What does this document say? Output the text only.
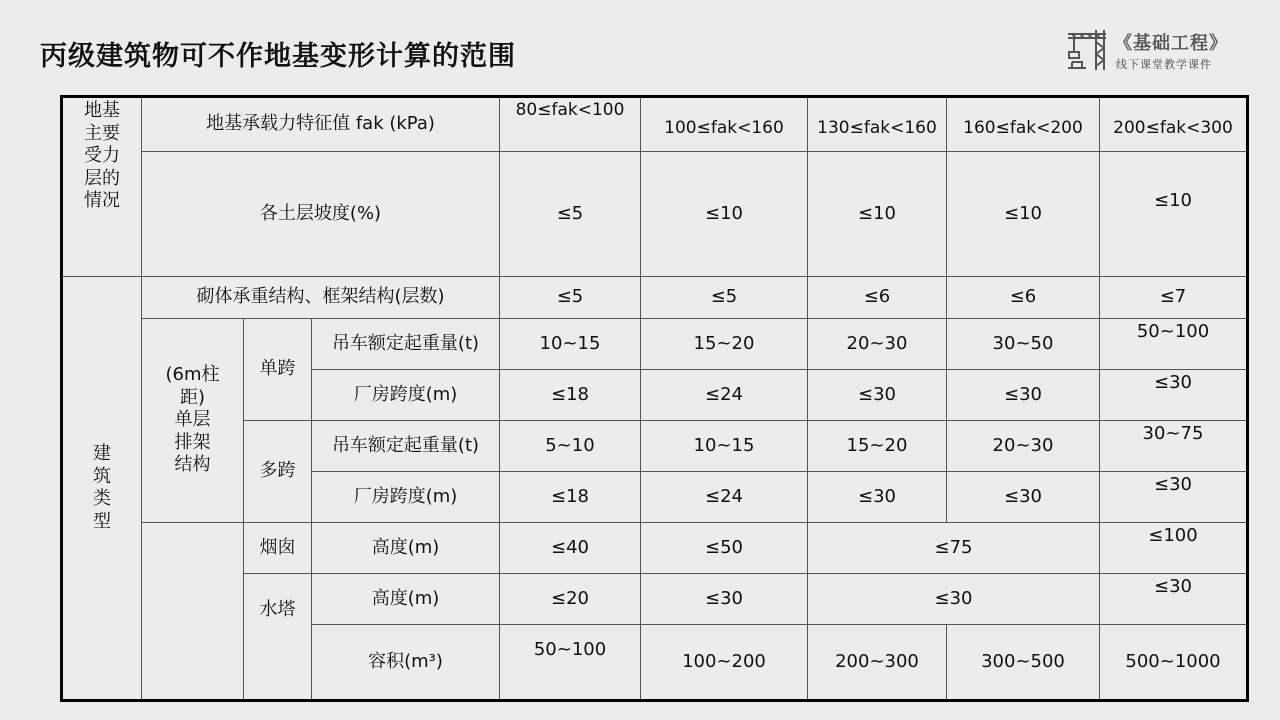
丙级建筑物可不作地基变形计算的范围	《基础工程》
线下课堂教学课件
地基
主要
受力
层的
情况	地基承载力特征值 fak (kPa)			80≤fak<100	100≤fak<160	130≤fak<160	160≤fak<200	200≤fak<300
	各土层坡度(%)			≤5	≤10	≤10	≤10	≤10
建
筑
类
型	砌体承重结构、框架结构(层数)			≤5	≤5	≤6	≤6	≤7
	(6m柱
距)
单层
排架
结构	单跨	吊车额定起重量(t)	10~15	15~20	20~30	30~50	50~100
			厂房跨度(m)	≤18	≤24	≤30	≤30	≤30
		多跨	吊车额定起重量(t)	5~10	10~15	15~20	20~30	30~75
			厂房跨度(m)	≤18	≤24	≤30	≤30	≤30
		烟囱	高度(m)	≤40	≤50	≤75		≤100
		水塔	高度(m)	≤20	≤30	≤30		≤30
			容积(m³)	50~100	100~200	200~300	300~500	500~1000
